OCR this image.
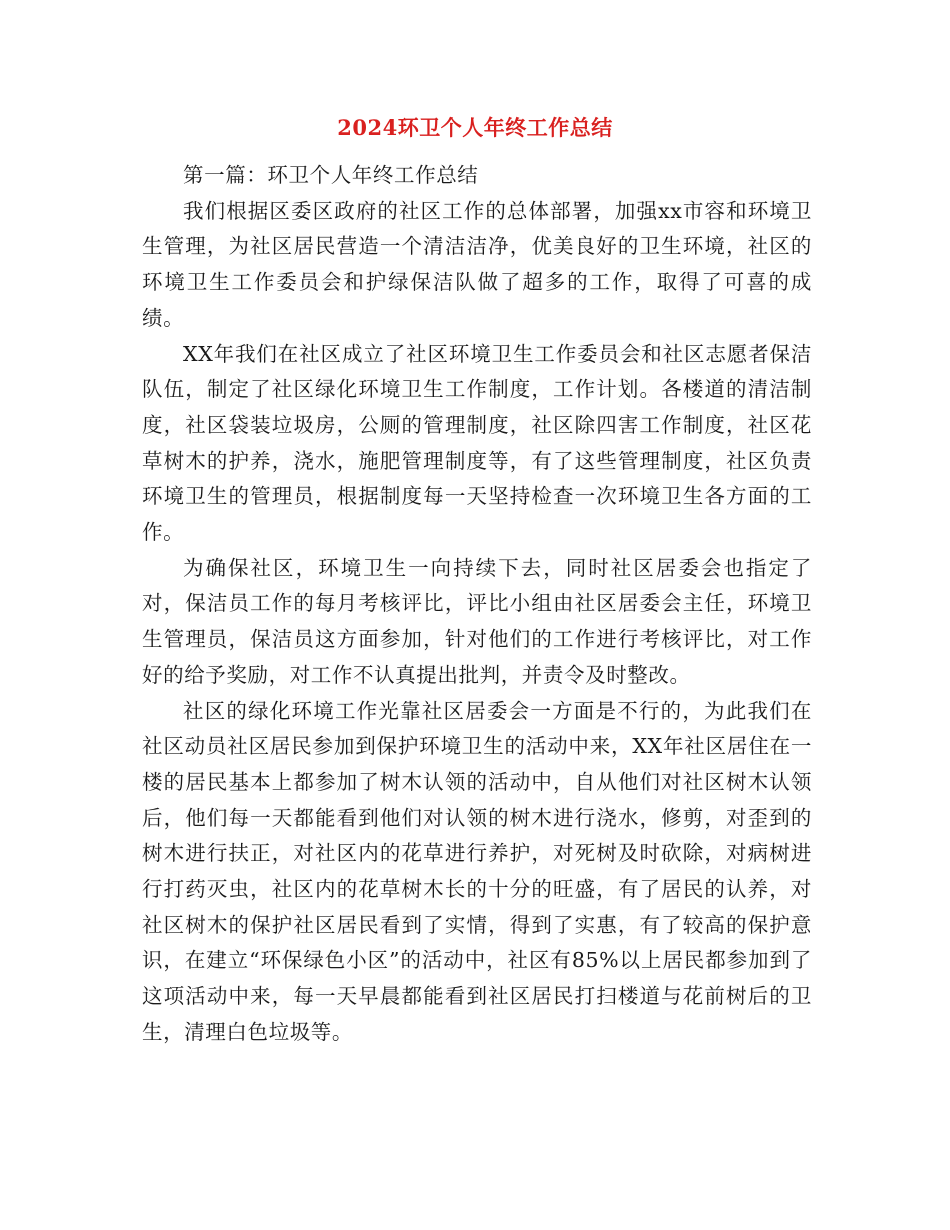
2024环卫个人年终工作总结

第一篇：环卫个人年终工作总结

我们根据区委区政府的社区工作的总体部署，加强xx市容和环境卫生管理，为社区居民营造一个清洁洁净，优美良好的卫生环境，社区的环境卫生工作委员会和护绿保洁队做了超多的工作，取得了可喜的成绩。

XX年我们在社区成立了社区环境卫生工作委员会和社区志愿者保洁队伍，制定了社区绿化环境卫生工作制度，工作计划。各楼道的清洁制度，社区袋装垃圾房，公厕的管理制度，社区除四害工作制度，社区花草树木的护养，浇水，施肥管理制度等，有了这些管理制度，社区负责环境卫生的管理员，根据制度每一天坚持检查一次环境卫生各方面的工作。

为确保社区，环境卫生一向持续下去，同时社区居委会也指定了对，保洁员工作的每月考核评比，评比小组由社区居委会主任，环境卫生管理员，保洁员这方面参加，针对他们的工作进行考核评比，对工作好的给予奖励，对工作不认真提出批判，并责令及时整改。

社区的绿化环境工作光靠社区居委会一方面是不行的，为此我们在社区动员社区居民参加到保护环境卫生的活动中来，XX年社区居住在一楼的居民基本上都参加了树木认领的活动中，自从他们对社区树木认领后，他们每一天都能看到他们对认领的树木进行浇水，修剪，对歪到的树木进行扶正，对社区内的花草进行养护，对死树及时砍除，对病树进行打药灭虫，社区内的花草树木长的十分的旺盛，有了居民的认养，对社区树木的保护社区居民看到了实情，得到了实惠，有了较高的保护意识，在建立“环保绿色小区”的活动中，社区有85%以上居民都参加到了这项活动中来，每一天早晨都能看到社区居民打扫楼道与花前树后的卫生，清理白色垃圾等。
